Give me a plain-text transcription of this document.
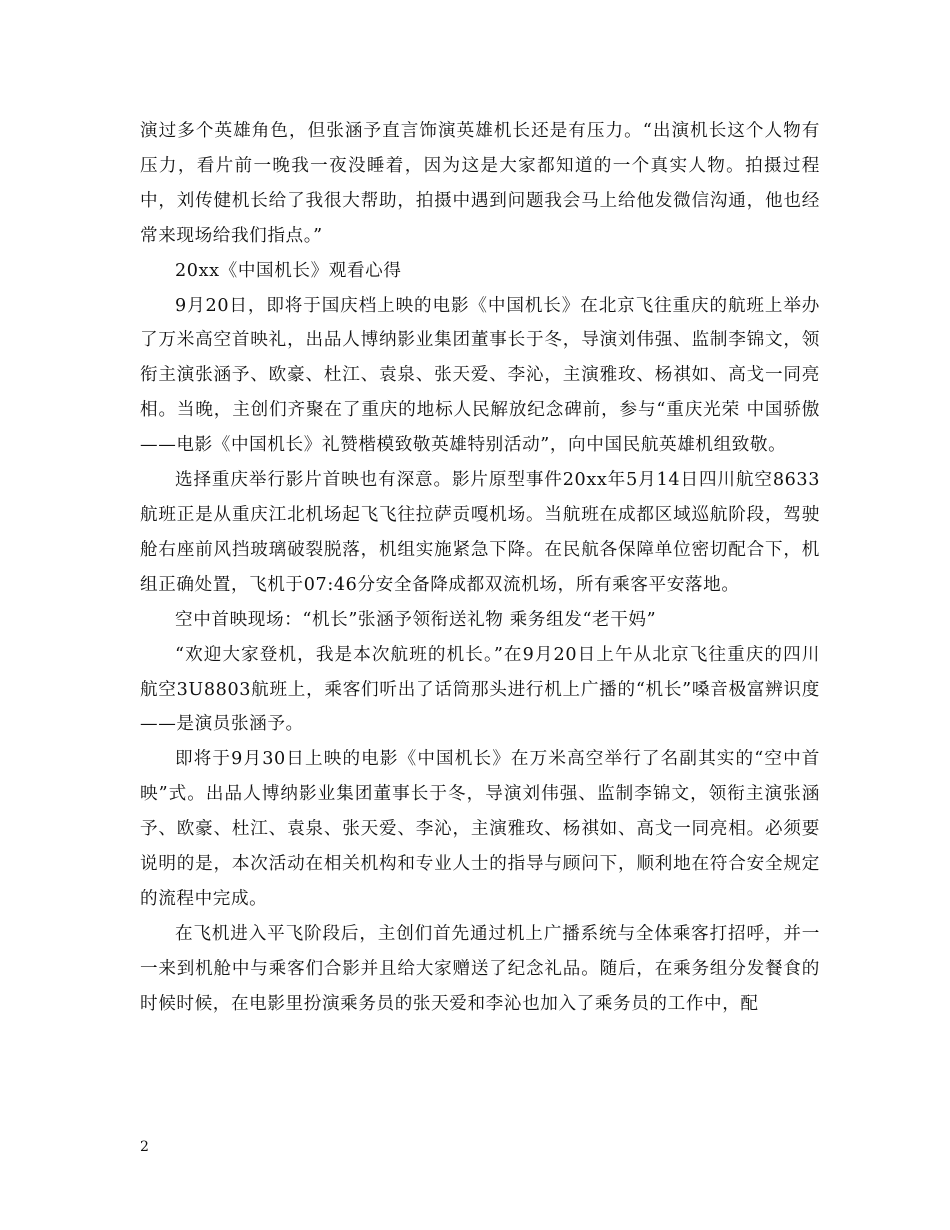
演过多个英雄角色，但张涵予直言饰演英雄机长还是有压力。“出演机长这个人物有压力，看片前一晚我一夜没睡着，因为这是大家都知道的一个真实人物。拍摄过程中，刘传健机长给了我很大帮助，拍摄中遇到问题我会马上给他发微信沟通，他也经常来现场给我们指点。”

20xx《中国机长》观看心得

9月20日，即将于国庆档上映的电影《中国机长》在北京飞往重庆的航班上举办了万米高空首映礼，出品人博纳影业集团董事长于冬，导演刘伟强、监制李锦文，领衔主演张涵予、欧豪、杜江、袁泉、张天爱、李沁，主演雅玫、杨祺如、高戈一同亮相。当晚，主创们齐聚在了重庆的地标人民解放纪念碑前，参与“重庆光荣 中国骄傲——电影《中国机长》礼赞楷模致敬英雄特别活动”，向中国民航英雄机组致敬。

选择重庆举行影片首映也有深意。影片原型事件20xx年5月14日四川航空8633航班正是从重庆江北机场起飞飞往拉萨贡嘎机场。当航班在成都区域巡航阶段，驾驶舱右座前风挡玻璃破裂脱落，机组实施紧急下降。在民航各保障单位密切配合下，机组正确处置，飞机于07:46分安全备降成都双流机场，所有乘客平安落地。

空中首映现场：“机长”张涵予领衔送礼物 乘务组发“老干妈”

“欢迎大家登机，我是本次航班的机长。”在9月20日上午从北京飞往重庆的四川航空3U8803航班上，乘客们听出了话筒那头进行机上广播的“机长”嗓音极富辨识度——是演员张涵予。

即将于9月30日上映的电影《中国机长》在万米高空举行了名副其实的“空中首映”式。出品人博纳影业集团董事长于冬，导演刘伟强、监制李锦文，领衔主演张涵予、欧豪、杜江、袁泉、张天爱、李沁，主演雅玫、杨祺如、高戈一同亮相。必须要说明的是，本次活动在相关机构和专业人士的指导与顾问下，顺利地在符合安全规定的流程中完成。

在飞机进入平飞阶段后，主创们首先通过机上广播系统与全体乘客打招呼，并一一来到机舱中与乘客们合影并且给大家赠送了纪念礼品。随后，在乘务组分发餐食的时候时候，在电影里扮演乘务员的张天爱和李沁也加入了乘务员的工作中，配

2
